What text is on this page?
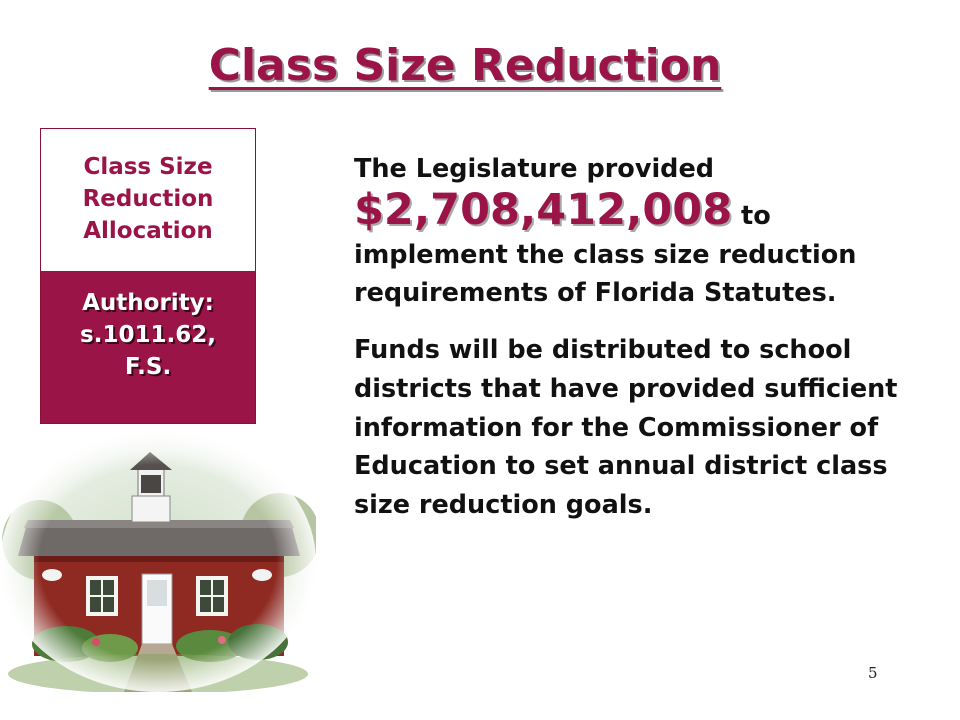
Class Size Reduction
Class Size
Reduction
Allocation
Authority:
s.1011.62,
F.S.

The Legislature provided
$2,708,412,008 to implement the class size reduction requirements of Florida Statutes.

Funds will be distributed to school districts that have provided sufficient information for the Commissioner of Education to set annual district class size reduction goals.

5
